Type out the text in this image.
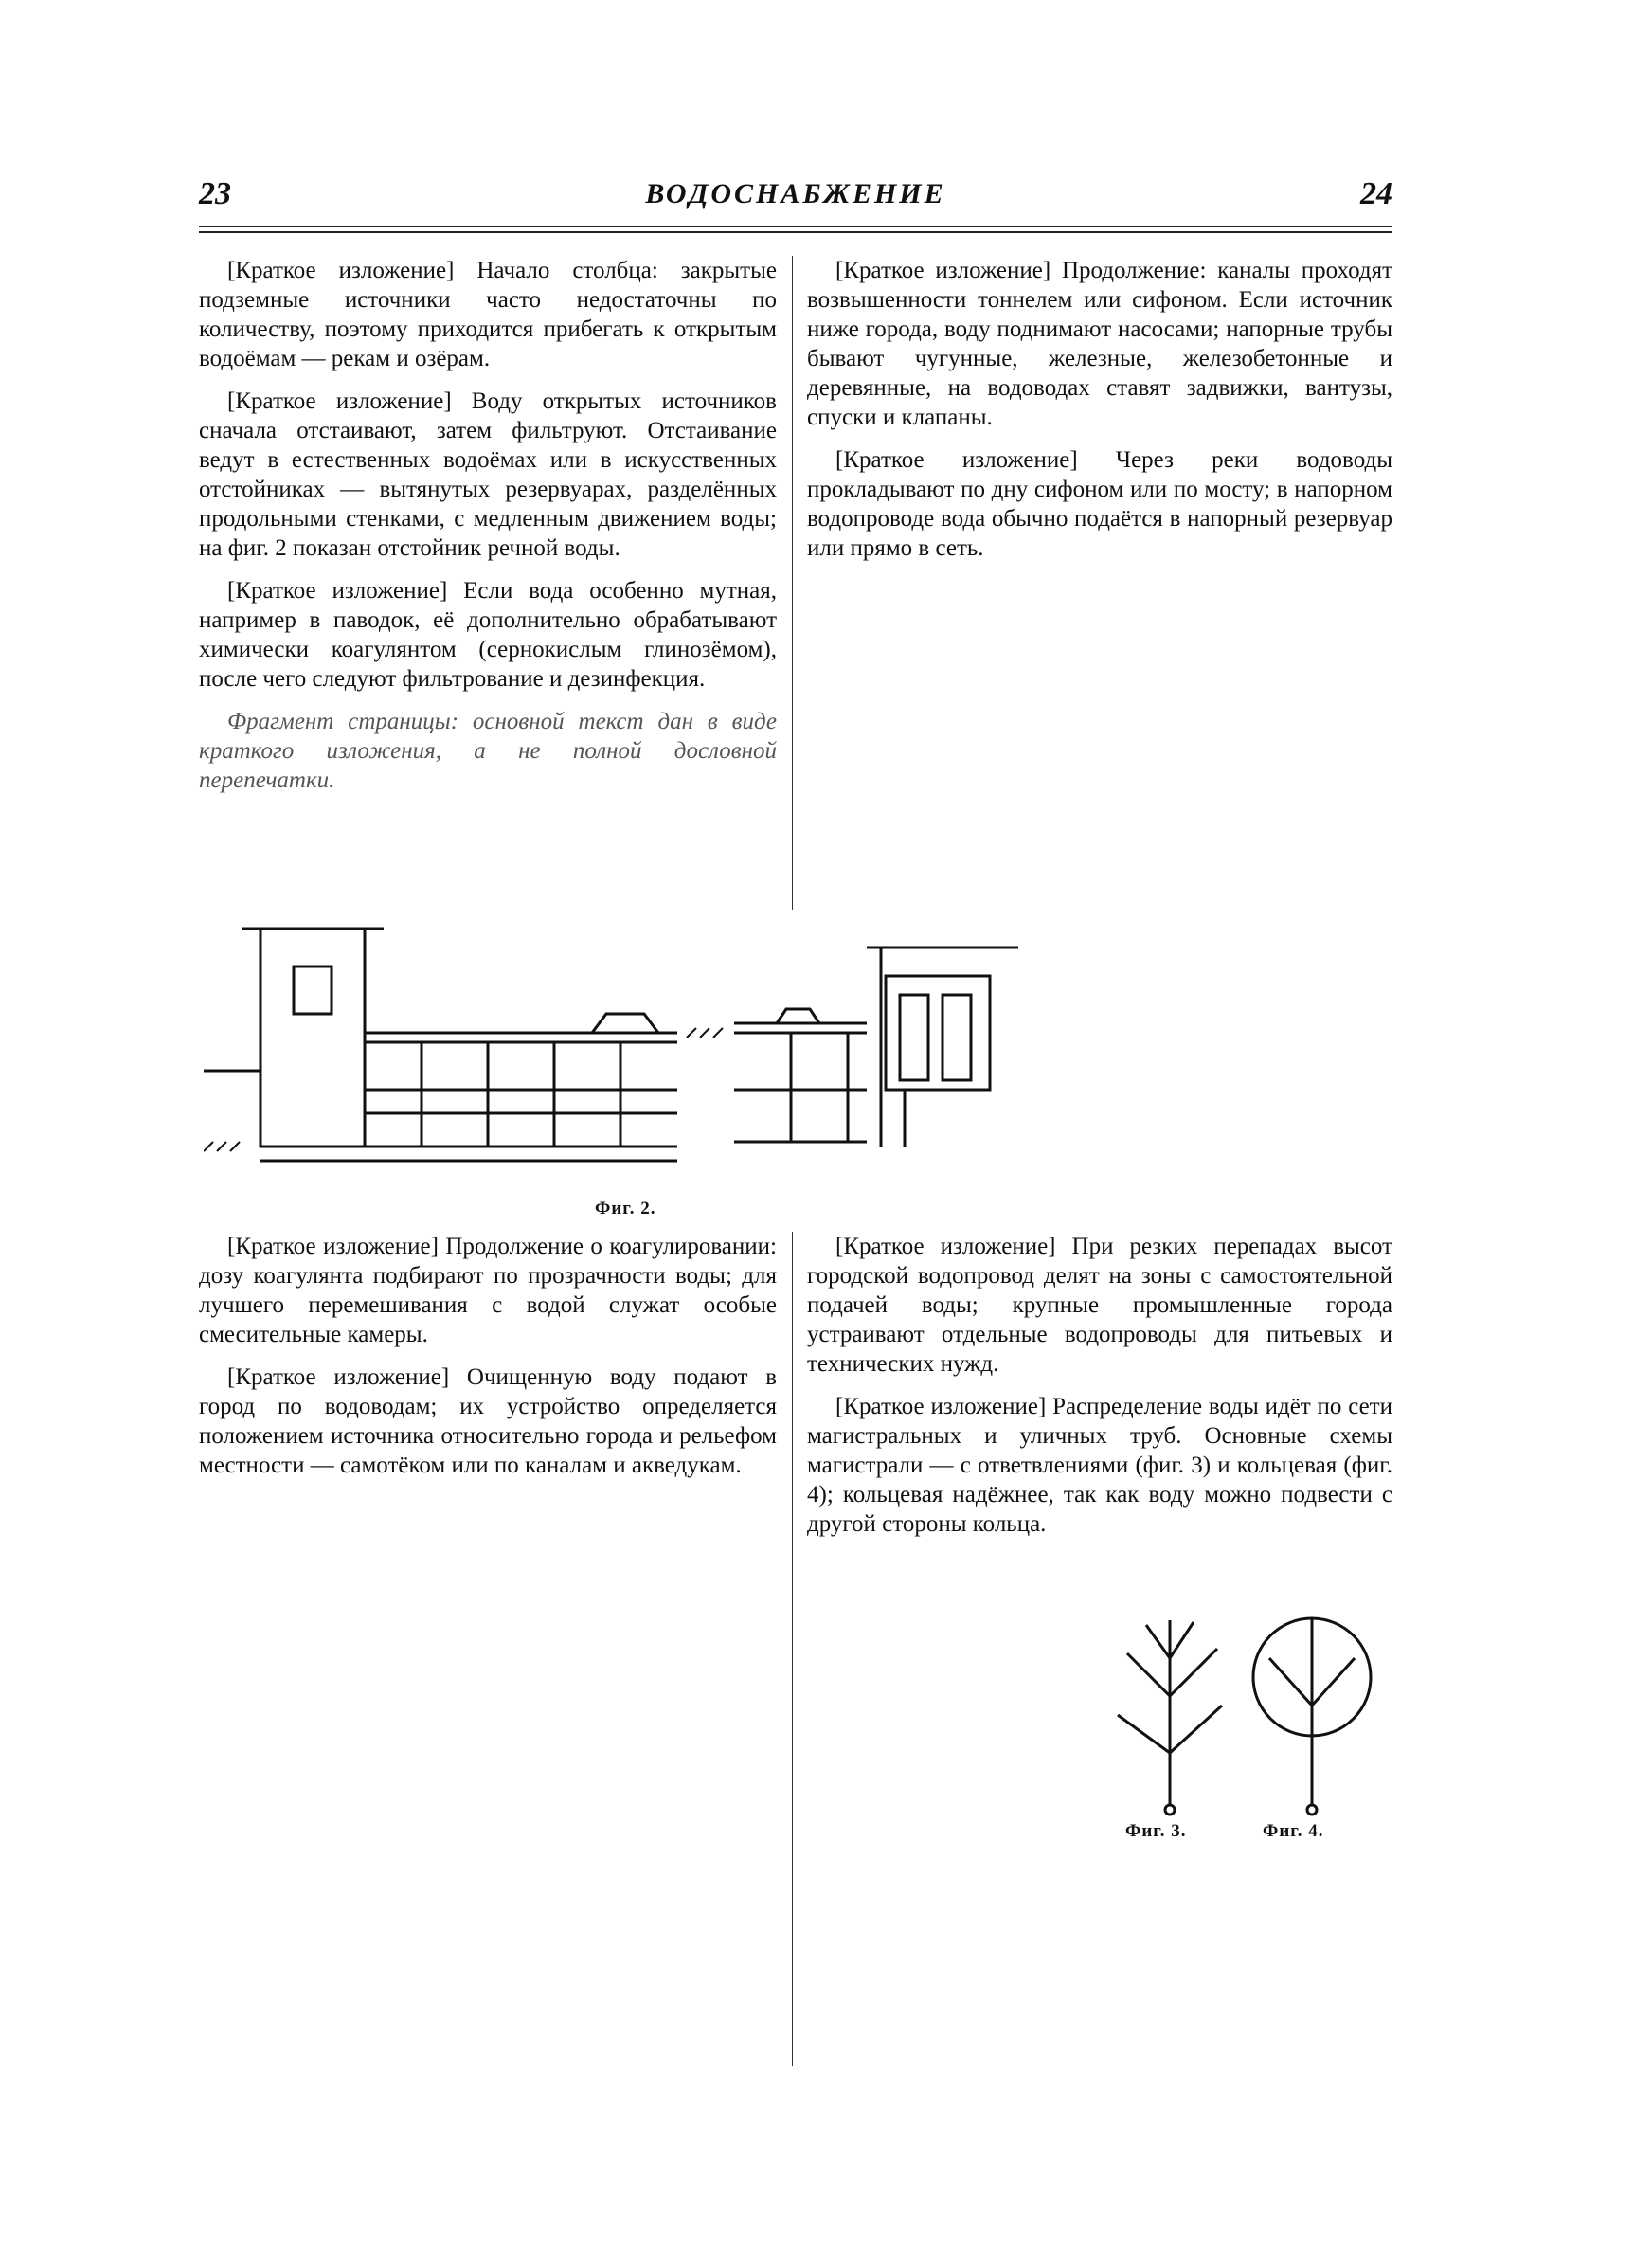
23	ВОДОСНАБЖЕНИЕ	24

[Краткое изложение] Начало столбца: закрытые подземные источники часто недостаточны по количеству, поэтому приходится прибегать к открытым водоёмам — рекам и озёрам.

[Краткое изложение] Воду открытых источников сначала отстаивают, затем фильтруют. Отстаивание ведут в естественных водоёмах или в искусственных отстойниках — вытянутых резервуарах, разделённых продольными стенками, с медленным движением воды; на фиг. 2 показан отстойник речной воды.

[Краткое изложение] Если вода особенно мутная, например в паводок, её дополнительно обрабатывают химически коагулянтом (сернокислым глинозёмом), после чего следуют фильтрование и дезинфекция.

Фрагмент страницы: основной текст дан в виде краткого изложения, а не полной дословной перепечатки.

[Краткое изложение] Продолжение: каналы проходят возвышенности тоннелем или сифоном. Если источник ниже города, воду поднимают насосами; напорные трубы бывают чугунные, железные, железобетонные и деревянные, на водоводах ставят задвижки, вантузы, спуски и клапаны.

[Краткое изложение] Через реки водоводы прокладывают по дну сифоном или по мосту; в напорном водопроводе вода обычно подаётся в напорный резервуар или прямо в сеть.

Фиг. 2.

[Краткое изложение] Продолжение о коагулировании: дозу коагулянта подбирают по прозрачности воды; для лучшего перемешивания с водой служат особые смесительные камеры.

[Краткое изложение] Очищенную воду подают в город по водоводам; их устройство определяется положением источника относительно города и рельефом местности — самотёком или по каналам и акведукам.

[Краткое изложение] При резких перепадах высот городской водопровод делят на зоны с самостоятельной подачей воды; крупные промышленные города устраивают отдельные водопроводы для питьевых и технических нужд.

[Краткое изложение] Распределение воды идёт по сети магистральных и уличных труб. Основные схемы магистрали — с ответвлениями (фиг. 3) и кольцевая (фиг. 4); кольцевая надёжнее, так как воду можно подвести с другой стороны кольца.

Фиг. 3.	Фиг. 4.
